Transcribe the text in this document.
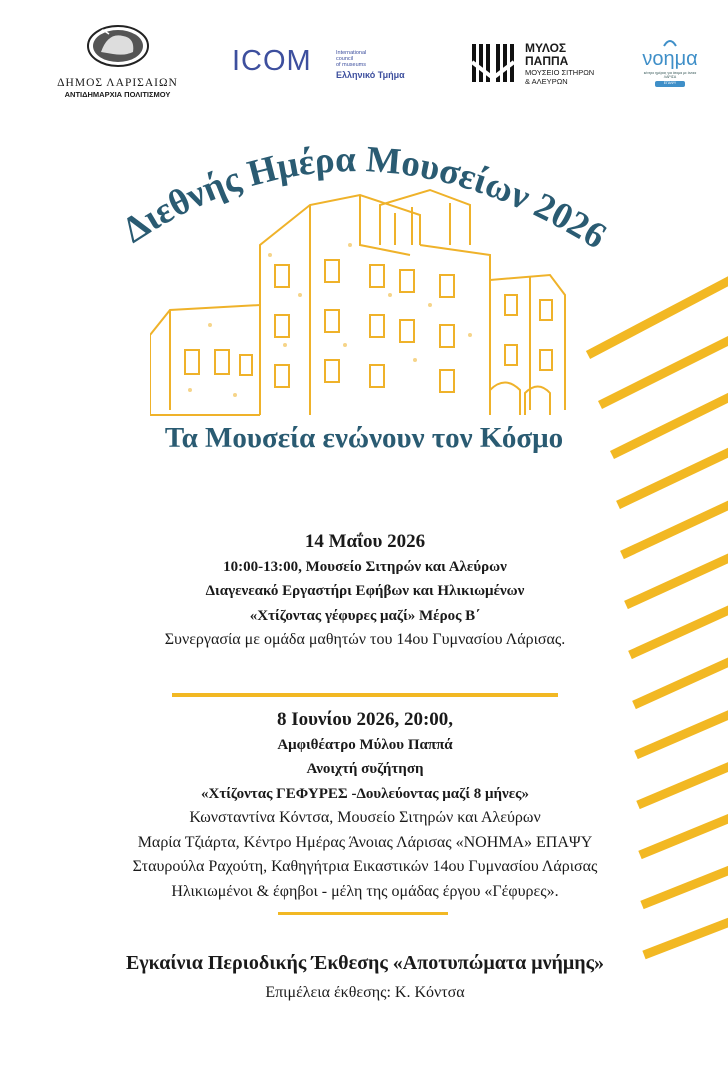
ΔΗΜΟΣ ΛΑΡΙΣΑΙΩΝ
ΑΝΤΙΔΗΜΑΡΧΙΑ ΠΟΛΙΤΙΣΜΟΥ
ICOM	International
council
of museums
Ελληνικό Τμήμα
ΜΥΛΟΣ
ΠΑΠΠΑ
ΜΟΥΣΕΙΟ ΣΙΤΗΡΩΝ
& ΑΛΕΥΡΩΝ
νοημα
κέντρο ημέρας για άτομα με άνοια
ΛΑΡΙΣΑ
ΕΠΑΨΥ
Διεθνής Ημέρα Μουσείων 2026
Τα Μουσεία ενώνουν τον Κόσμο
14 Μαΐου 2026
10:00-13:00, Μουσείο Σιτηρών και Αλεύρων
Διαγενεακό Εργαστήρι Εφήβων και Ηλικιωμένων
«Χτίζοντας γέφυρες μαζί» Μέρος Β΄
Συνεργασία με ομάδα μαθητών του 14ου Γυμνασίου Λάρισας.
8 Ιουνίου 2026, 20:00,
Αμφιθέατρο Μύλου Παππά
Ανοιχτή συζήτηση
«Χτίζοντας ΓΕΦΥΡΕΣ -Δουλεύοντας μαζί 8 μήνες»
Κωνσταντίνα Κόντσα, Μουσείο Σιτηρών και Αλεύρων
Μαρία Τζιάρτα, Κέντρο Ημέρας Άνοιας Λάρισας «ΝΟΗΜΑ» ΕΠΑΨΥ
Σταυρούλα Ραχούτη, Καθηγήτρια Εικαστικών 14ου Γυμνασίου Λάρισας
Ηλικιωμένοι & έφηβοι - μέλη της ομάδας έργου «Γέφυρες».
Εγκαίνια Περιοδικής Έκθεσης «Αποτυπώματα μνήμης»
Επιμέλεια έκθεσης: Κ. Κόντσα
